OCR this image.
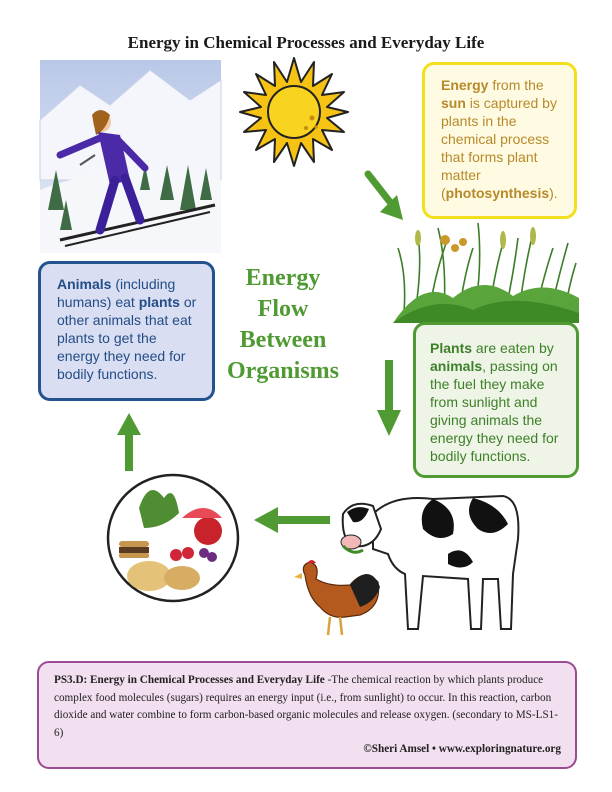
Energy in Chemical Processes and Everyday Life
Energy from the sun is captured by plants in the chemical process that forms plant matter (photosynthesis).
Energy
Flow
Between
Organisms
Animals (including humans) eat plants or other animals that eat plants to get the energy they need for bodily functions.
Plants are eaten by animals, passing on the fuel they make from sunlight and giving animals the energy they need for bodily functions.
PS3.D: Energy in Chemical Processes and Everyday Life -The chemical reaction by which plants produce complex food molecules (sugars) requires an energy input (i.e., from sunlight) to occur. In this reaction, carbon dioxide and water combine to form carbon-based organic molecules and release oxygen. (secondary to MS-LS1-6)
©Sheri Amsel • www.exploringnature.org
